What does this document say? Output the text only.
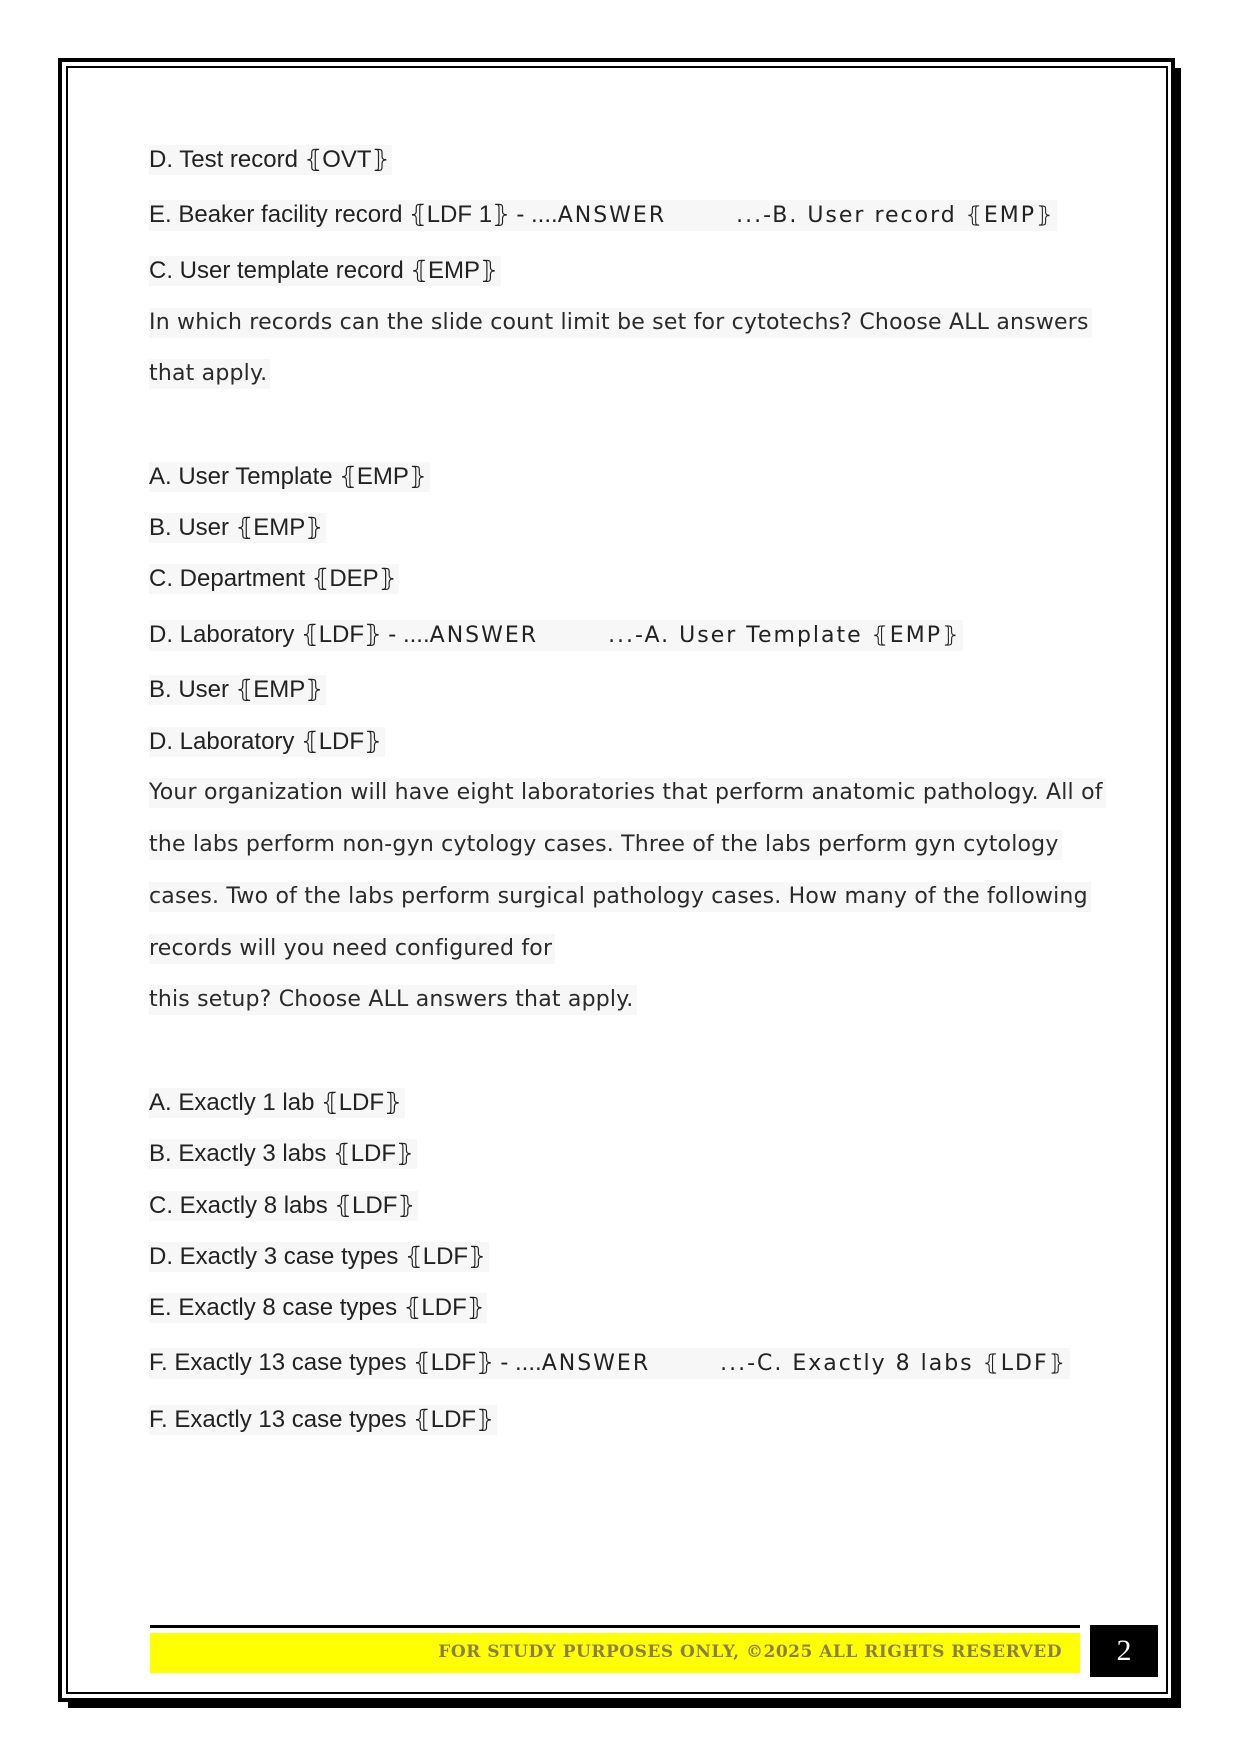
D. Test record ⦃OVT⦄
E. Beaker facility record ⦃LDF 1⦄ - ....ANSWER	...-B. User record ⦃EMP⦄
C. User template record ⦃EMP⦄
In which records can the slide count limit be set for cytotechs? Choose ALL answers
that apply.
A. User Template ⦃EMP⦄
B. User ⦃EMP⦄
C. Department ⦃DEP⦄
D. Laboratory ⦃LDF⦄ - ....ANSWER	...-A. User Template ⦃EMP⦄
B. User ⦃EMP⦄
D. Laboratory ⦃LDF⦄
Your organization will have eight laboratories that perform anatomic pathology. All of
the labs perform non-gyn cytology cases. Three of the labs perform gyn cytology
cases. Two of the labs perform surgical pathology cases. How many of the following
records will you need configured for
this setup? Choose ALL answers that apply.
A. Exactly 1 lab ⦃LDF⦄
B. Exactly 3 labs ⦃LDF⦄
C. Exactly 8 labs ⦃LDF⦄
D. Exactly 3 case types ⦃LDF⦄
E. Exactly 8 case types ⦃LDF⦄
F. Exactly 13 case types ⦃LDF⦄ - ....ANSWER	...-C. Exactly 8 labs ⦃LDF⦄
F. Exactly 13 case types ⦃LDF⦄
FOR STUDY PURPOSES ONLY, ©2025 ALL RIGHTS RESERVED	2
